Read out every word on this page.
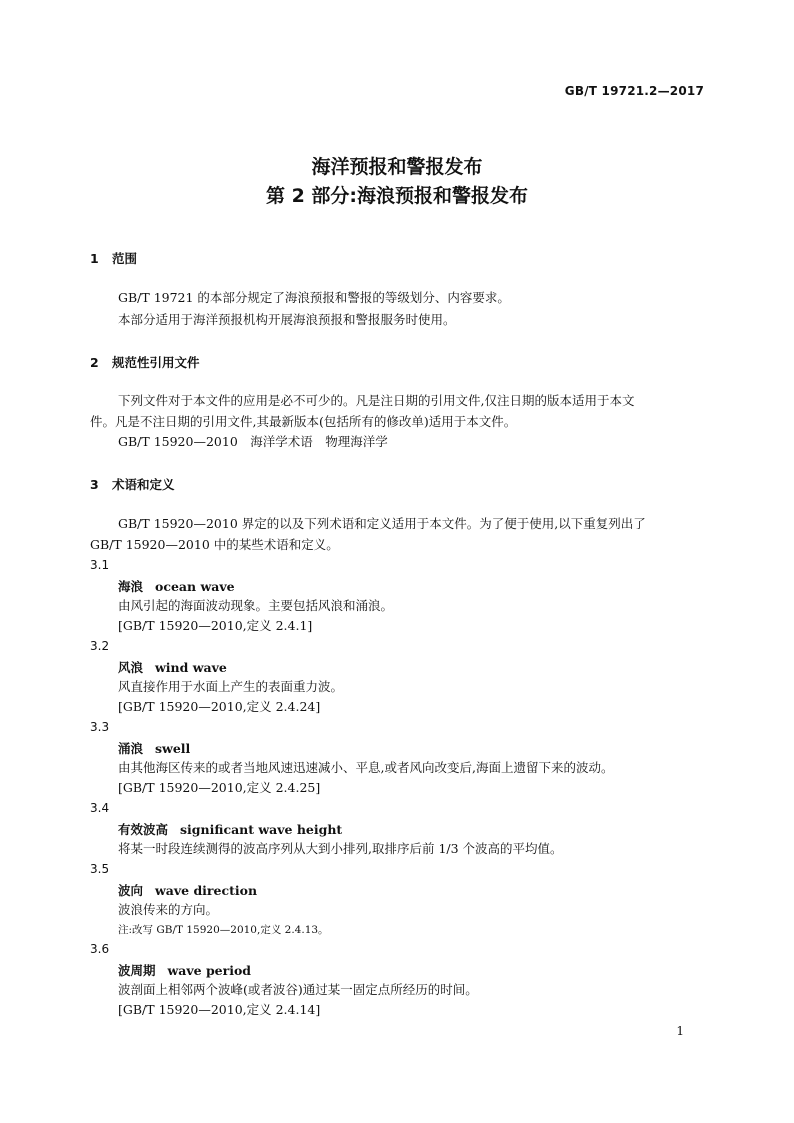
GB/T 19721.2—2017
海洋预报和警报发布
第 2 部分:海浪预报和警报发布
1 范围
GB/T 19721 的本部分规定了海浪预报和警报的等级划分、内容要求。
本部分适用于海洋预报机构开展海浪预报和警报服务时使用。
2 规范性引用文件
下列文件对于本文件的应用是必不可少的。凡是注日期的引用文件,仅注日期的版本适用于本文
件。凡是不注日期的引用文件,其最新版本(包括所有的修改单)适用于本文件。
GB/T 15920—2010　海洋学术语　物理海洋学
3 术语和定义
GB/T 15920—2010 界定的以及下列术语和定义适用于本文件。为了便于使用,以下重复列出了
GB/T 15920—2010 中的某些术语和定义。
3.1
海浪 ocean wave
由风引起的海面波动现象。主要包括风浪和涌浪。
[GB/T 15920—2010,定义 2.4.1]
3.2
风浪 wind wave
风直接作用于水面上产生的表面重力波。
[GB/T 15920—2010,定义 2.4.24]
3.3
涌浪 swell
由其他海区传来的或者当地风速迅速减小、平息,或者风向改变后,海面上遗留下来的波动。
[GB/T 15920—2010,定义 2.4.25]
3.4
有效波高 significant wave height
将某一时段连续测得的波高序列从大到小排列,取排序后前 1/3 个波高的平均值。
3.5
波向 wave direction
波浪传来的方向。
注:改写 GB/T 15920—2010,定义 2.4.13。
3.6
波周期 wave period
波剖面上相邻两个波峰(或者波谷)通过某一固定点所经历的时间。
[GB/T 15920—2010,定义 2.4.14]
1
